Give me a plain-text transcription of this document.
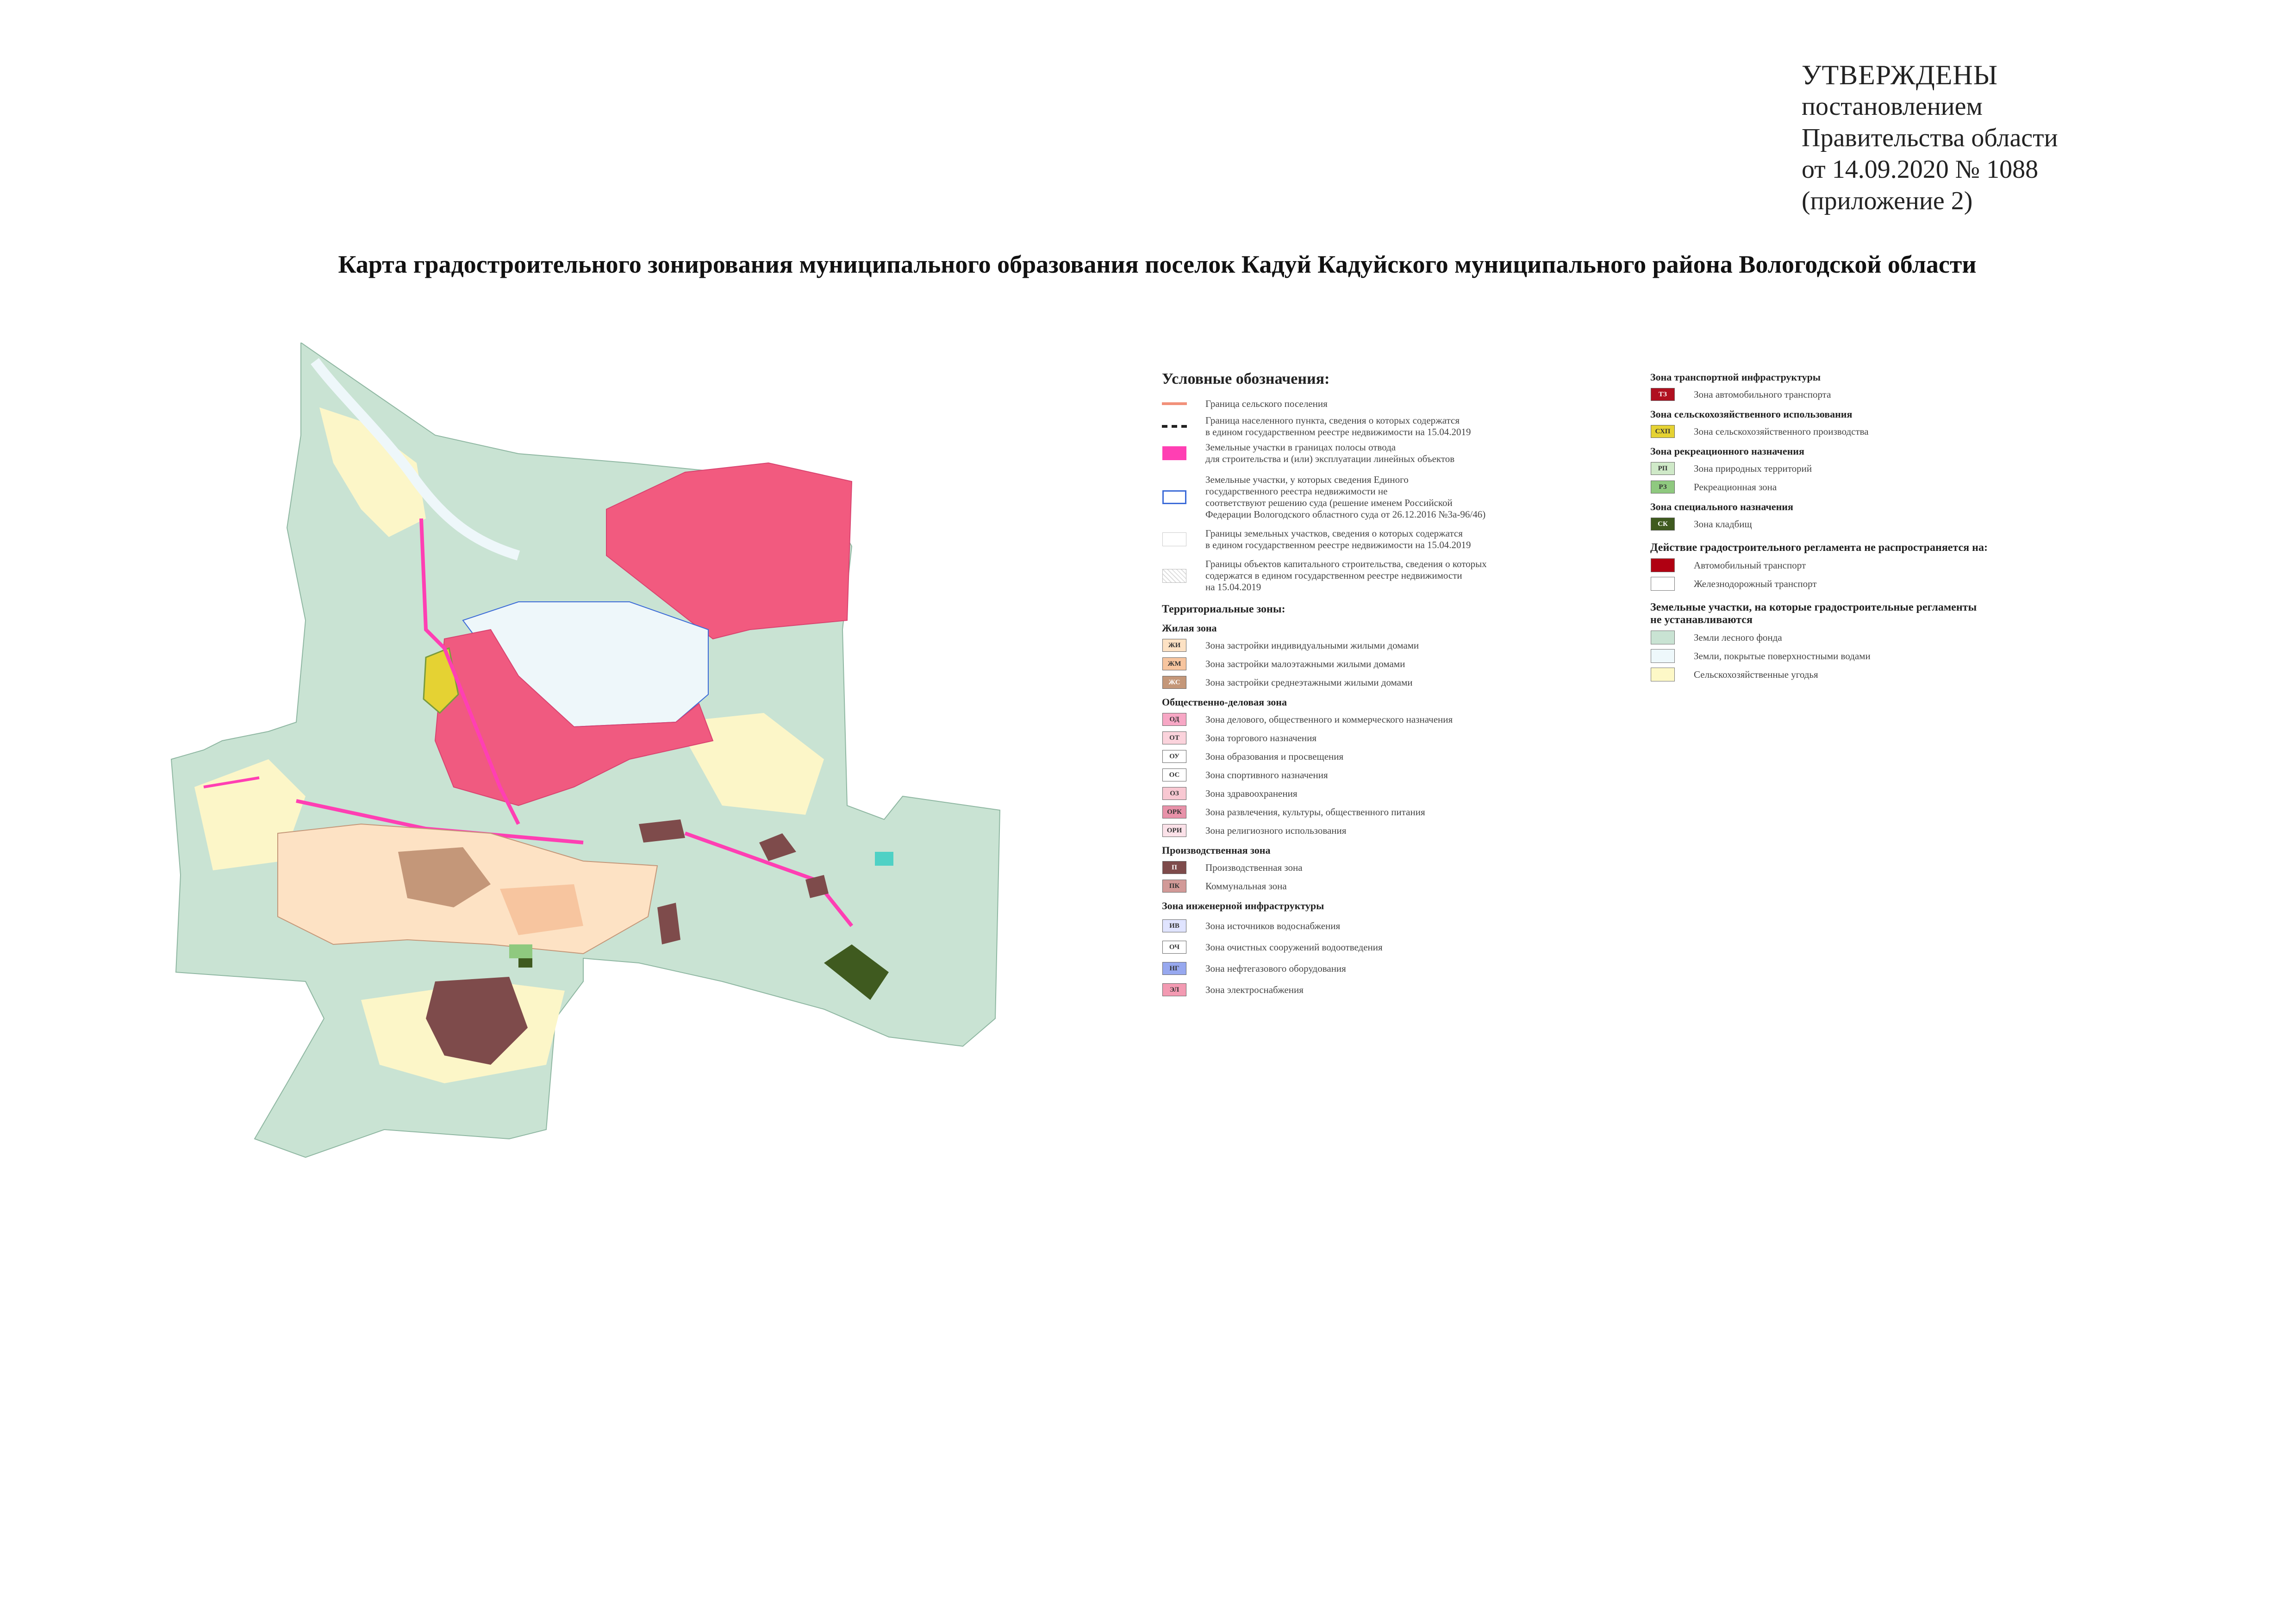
УТВЕРЖДЕНЫ
постановлением
Правительства области
от 14.09.2020 № 1088
(приложение 2)
Карта градостроительного зонирования муниципального образования поселок Кадуй Кадуйского муниципального района Вологодской области
Условные обозначения:
Граница сельского поселения
Граница населенного пункта, сведения о которых содержатся
в едином государственном реестре недвижимости на 15.04.2019
Земельные участки в границах полосы отвода
для строительства и (или) эксплуатации линейных объектов
Земельные участки, у которых сведения Единого
государственного реестра недвижимости не
соответствуют решению суда (решение именем Российской
Федерации Вологодского областного суда от 26.12.2016 №3а-96/46)
Границы земельных участков, сведения о которых содержатся
в едином государственном реестре недвижимости на 15.04.2019
Границы объектов капитального строительства, сведения о которых
содержатся в едином государственном реестре недвижимости
на 15.04.2019
Территориальные зоны:
Жилая зона
ЖИ	Зона застройки индивидуальными жилыми домами
ЖМ	Зона застройки малоэтажными жилыми домами
ЖС	Зона застройки среднеэтажными жилыми домами
Общественно-деловая зона
ОД	Зона делового, общественного и коммерческого назначения
ОТ	Зона торгового назначения
ОУ	Зона образования и просвещения
ОС	Зона спортивного назначения
ОЗ	Зона здравоохранения
ОРК	Зона развлечения, культуры, общественного питания
ОРИ	Зона религиозного использования
Производственная зона
П	Производственная зона
ПК	Коммунальная зона
Зона инженерной инфраструктуры
ИВ	Зона источников водоснабжения
ОЧ	Зона очистных сооружений водоотведения
НГ	Зона нефтегазового оборудования
ЭЛ	Зона электроснабжения
Зона транспортной инфраструктуры
ТЗ	Зона автомобильного транспорта
Зона сельскохозяйственного использования
СХП	Зона сельскохозяйственного производства
Зона рекреационного назначения
РП	Зона природных территорий
РЗ	Рекреационная зона
Зона специального назначения
СК	Зона кладбищ
Действие градостроительного регламента не распространяется на:
Автомобильный транспорт
Железнодорожный транспорт
Земельные участки, на которые градостроительные регламенты
не устанавливаются
Земли лесного фонда
Земли, покрытые поверхностными водами
Сельскохозяйственные угодья
